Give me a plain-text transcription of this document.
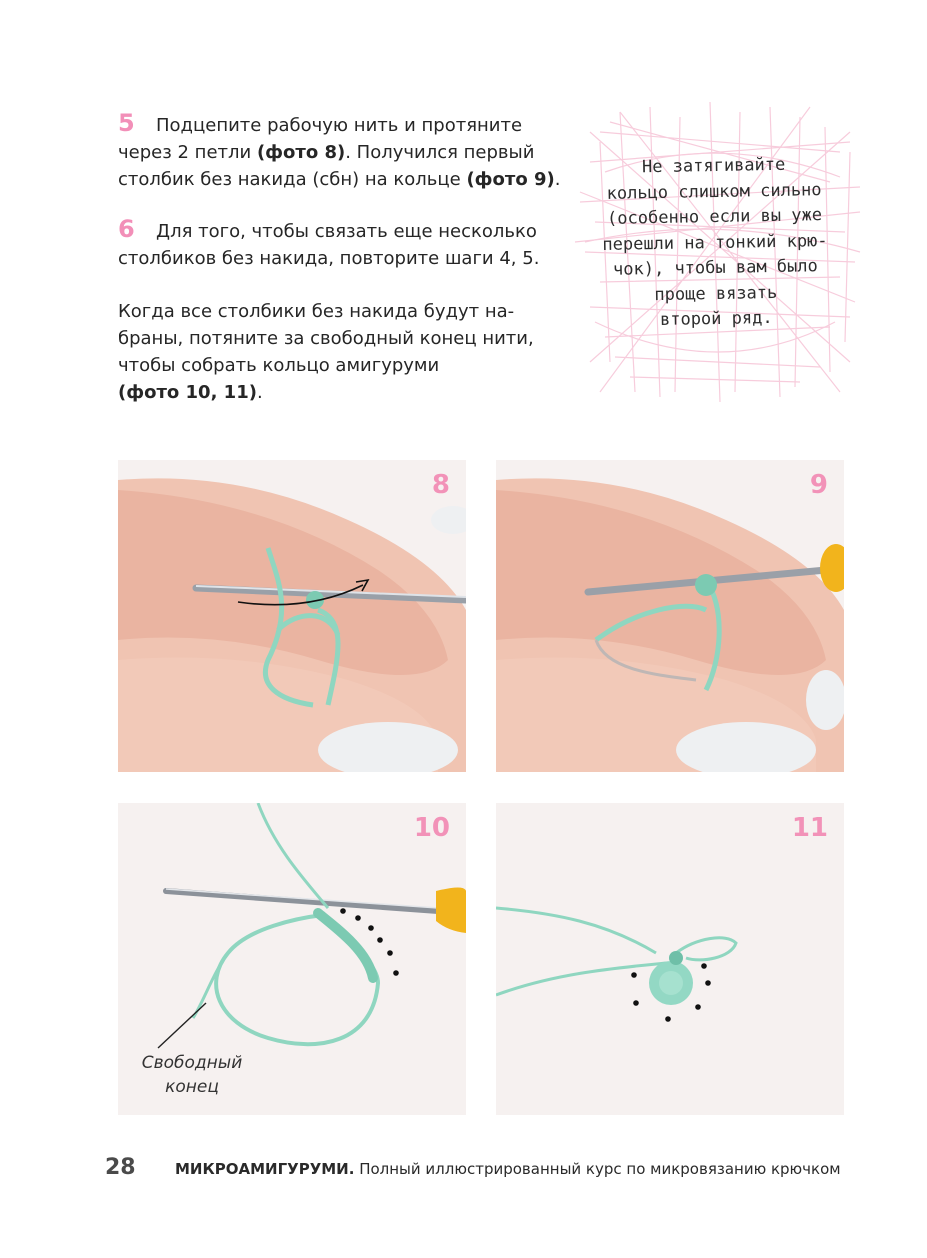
5 Подцепите рабочую нить и протяните
через 2 петли (фото 8). Получился первый
столбик без накида (сбн) на кольце (фото 9).
6 Для того, чтобы связать еще несколько
столбиков без накида, повторите шаги 4, 5.
Когда все столбики без накида будут на-
браны, потяните за свободный конец нити,
чтобы собрать кольцо амигуруми
(фото 10, 11).
Не затягивайте
кольцо слишком сильно
(особенно если вы уже
перешли на тонкий крю-
чок), чтобы вам было
проще вязать
второй ряд.
8	9
10
Свободный
конец
11
28	МИКРОАМИГУРУМИ. Полный иллюстрированный курс по микровязанию крючком
